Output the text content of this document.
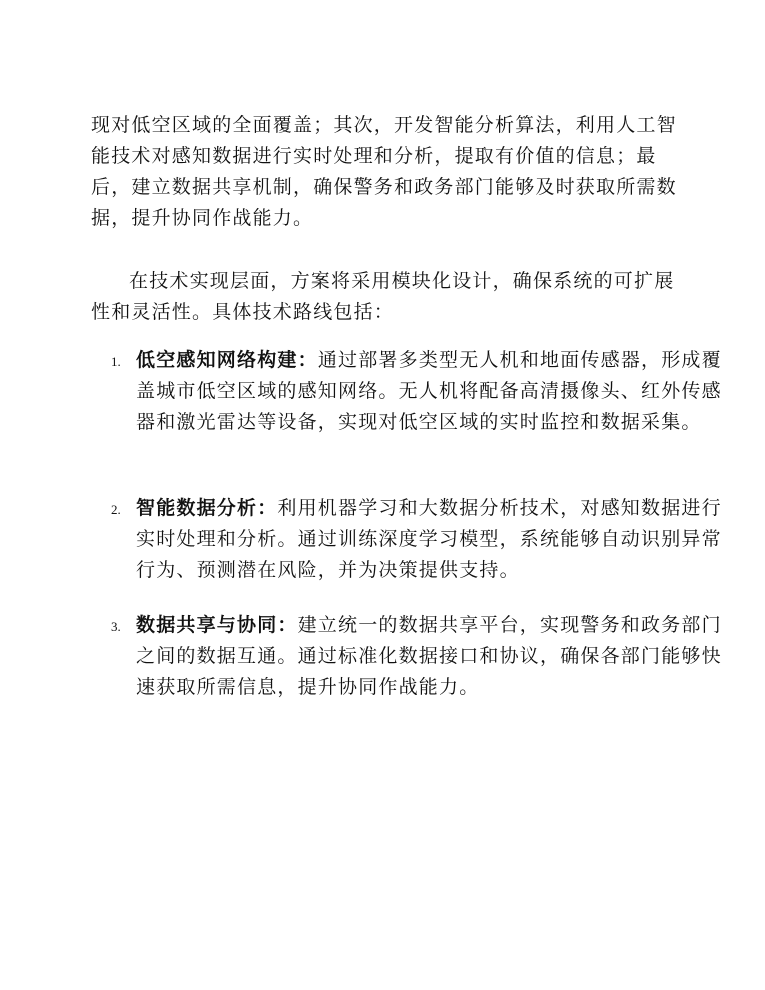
现对低空区域的全面覆盖；其次，开发智能分析算法，利用人工智能技术对感知数据进行实时处理和分析，提取有价值的信息；最后，建立数据共享机制，确保警务和政务部门能够及时获取所需数据，提升协同作战能力。

在技术实现层面，方案将采用模块化设计，确保系统的可扩展性和灵活性。具体技术路线包括：

1. 低空感知网络构建：通过部署多类型无人机和地面传感器，形成覆盖城市低空区域的感知网络。无人机将配备高清摄像头、红外传感器和激光雷达等设备，实现对低空区域的实时监控和数据采集。
2. 智能数据分析：利用机器学习和大数据分析技术，对感知数据进行实时处理和分析。通过训练深度学习模型，系统能够自动识别异常行为、预测潜在风险，并为决策提供支持。
3. 数据共享与协同：建立统一的数据共享平台，实现警务和政务部门之间的数据互通。通过标准化数据接口和协议，确保各部门能够快速获取所需信息，提升协同作战能力。
